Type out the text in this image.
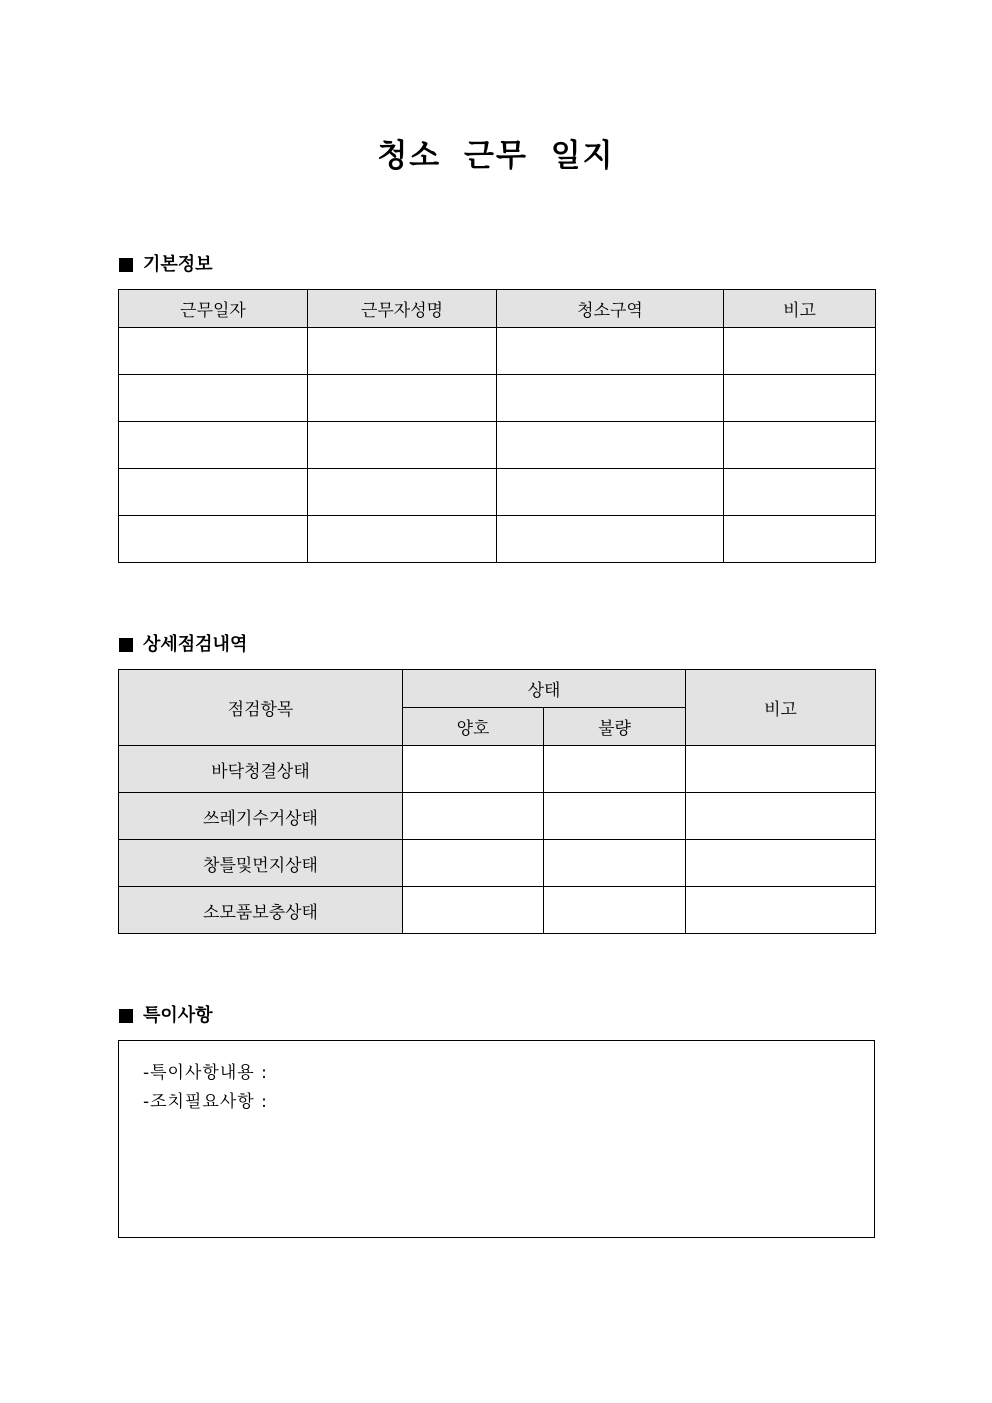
청소 근무 일지
기본정보
근무일자	근무자성명	청소구역	비고

상세점검내역
점검항목	상태		비고
	양호	불량	
바닥청결상태			
쓰레기수거상태			
창틀및먼지상태			
소모품보충상태			
특이사항
-특이사항내용 :
-조치필요사항 :
